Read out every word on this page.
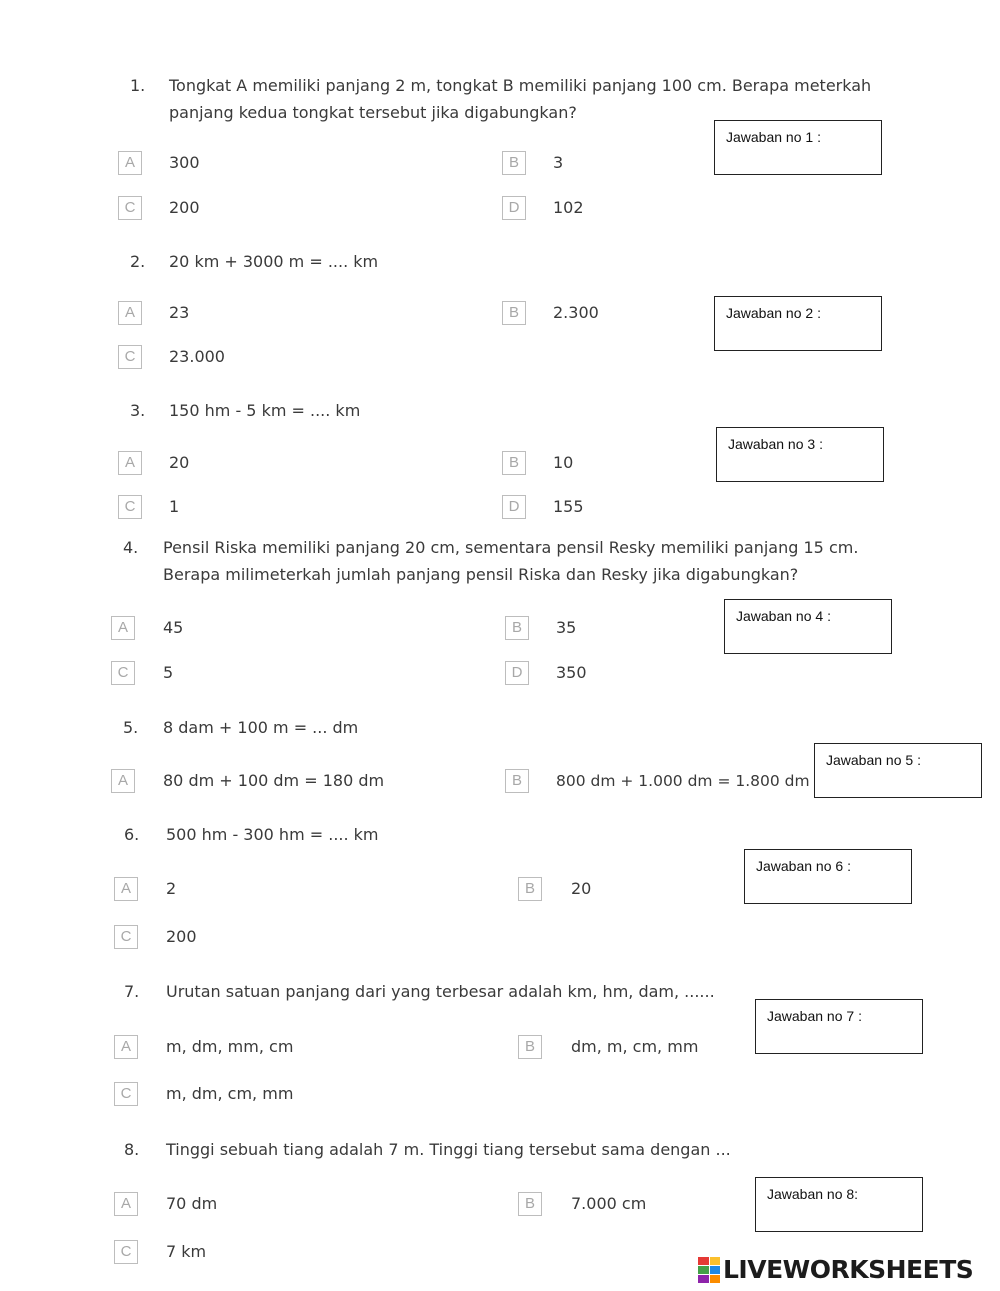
1. Tongkat A memiliki panjang 2 m, tongkat B memiliki panjang 100 cm. Berapa meterkah
panjang kedua tongkat tersebut jika digabungkan?
A	300	B	3
C	200	D	102
Jawaban no 1 :
2. 20 km + 3000 m = .... km
A	23	B	2.300
C	23.000
Jawaban no 2 :
3. 150 hm - 5 km = .... km
A	20	B	10
C	1	D	155
Jawaban no 3 :
4. Pensil Riska memiliki panjang 20 cm, sementara pensil Resky memiliki panjang 15 cm.
Berapa milimeterkah jumlah panjang pensil Riska dan Resky jika digabungkan?
A	45	B	35
C	5	D	350
Jawaban no 4 :
5. 8 dam + 100 m = ... dm
A	80 dm + 100 dm = 180 dm	B	800 dm + 1.000 dm = 1.800 dm
Jawaban no 5 :
6. 500 hm - 300 hm = .... km
A	2	B	20
C	200
Jawaban no 6 :
7. Urutan satuan panjang dari yang terbesar adalah km, hm, dam, ......
A	m, dm, mm, cm	B	dm, m, cm, mm
C	m, dm, cm, mm
Jawaban no 7 :
8. Tinggi sebuah tiang adalah 7 m. Tinggi tiang tersebut sama dengan ...
A	70 dm	B	7.000 cm
C	7 km
Jawaban no 8:
LIVEWORKSHEETS
